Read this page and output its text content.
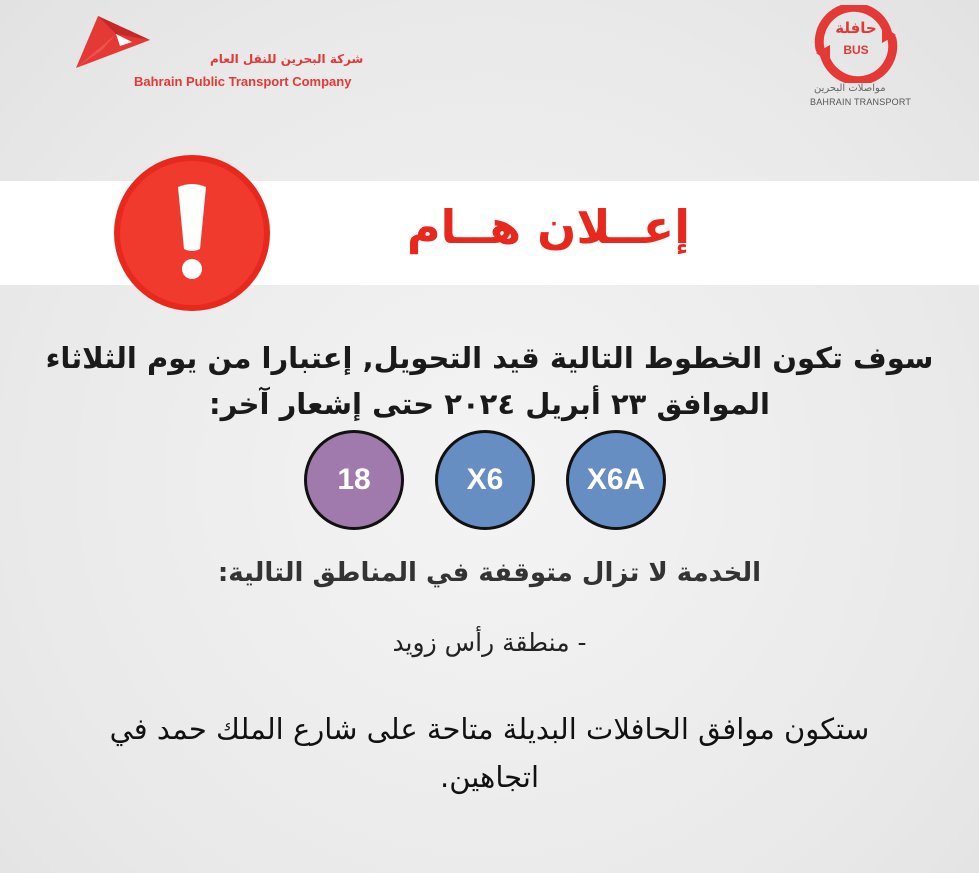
شركة البحرين للنقل العام
Bahrain Public Transport Company
حافلة
BUS
مواصلات البحرين
BAHRAIN TRANSPORT
إعــلان هــام
سوف تكون الخطوط التالية قيد التحويل, إعتبارا من يوم الثلاثاء
الموافق ٢٣ أبريل ٢٠٢٤ حتى إشعار آخر:
18	X6	X6A
الخدمة لا تزال متوقفة في المناطق التالية:
- منطقة رأس زويد
ستكون موافق الحافلات البديلة متاحة على شارع الملك حمد في اتجاهين.
